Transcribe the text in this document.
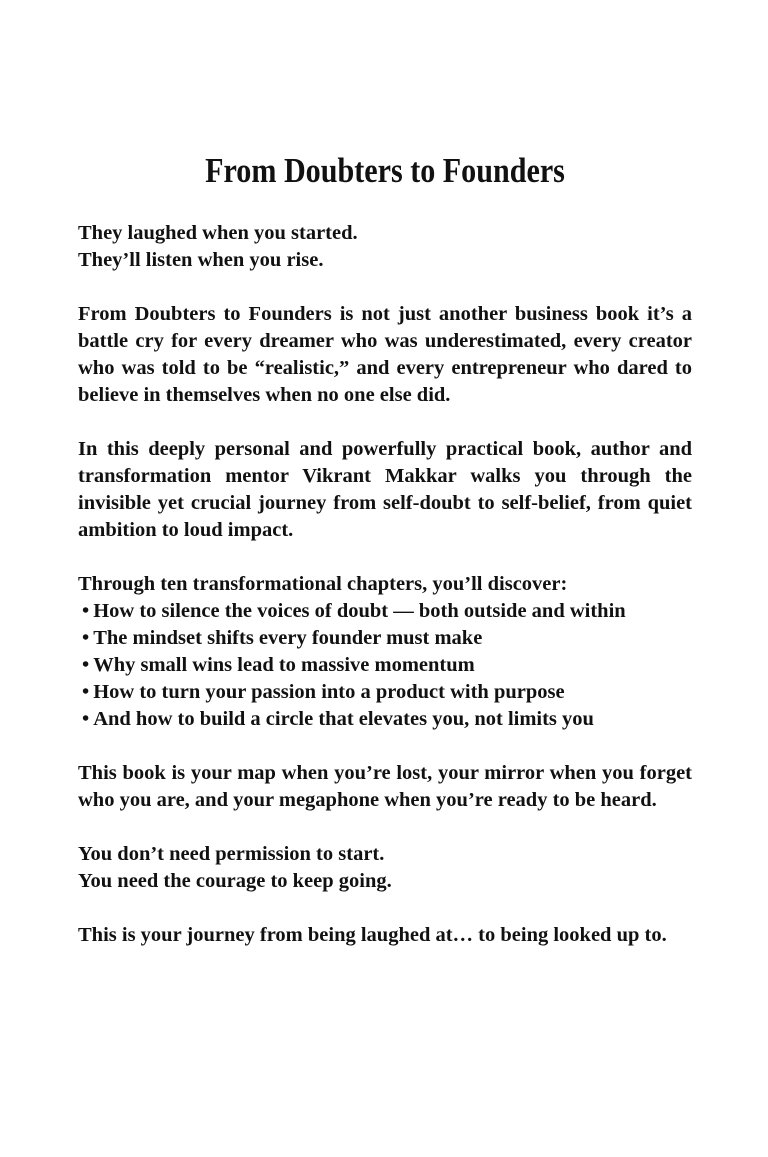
From Doubters to Founders
They laughed when you started.
They’ll listen when you rise.

From Doubters to Founders is not just another business book it’s a battle cry for every dreamer who was underestimated, every creator who was told to be “realistic,” and every entrepreneur who dared to believe in themselves when no one else did.

In this deeply personal and powerfully practical book, author and transformation mentor Vikrant Makkar walks you through the invisible yet crucial journey from self-doubt to self-belief, from quiet ambition to loud impact.

Through ten transformational chapters, you’ll discover:
• How to silence the voices of doubt — both outside and within
• The mindset shifts every founder must make
• Why small wins lead to massive momentum
• How to turn your passion into a product with purpose
• And how to build a circle that elevates you, not limits you

This book is your map when you’re lost, your mirror when you forget who you are, and your megaphone when you’re ready to be heard.

You don’t need permission to start.
You need the courage to keep going.

This is your journey from being laughed at… to being looked up to.
